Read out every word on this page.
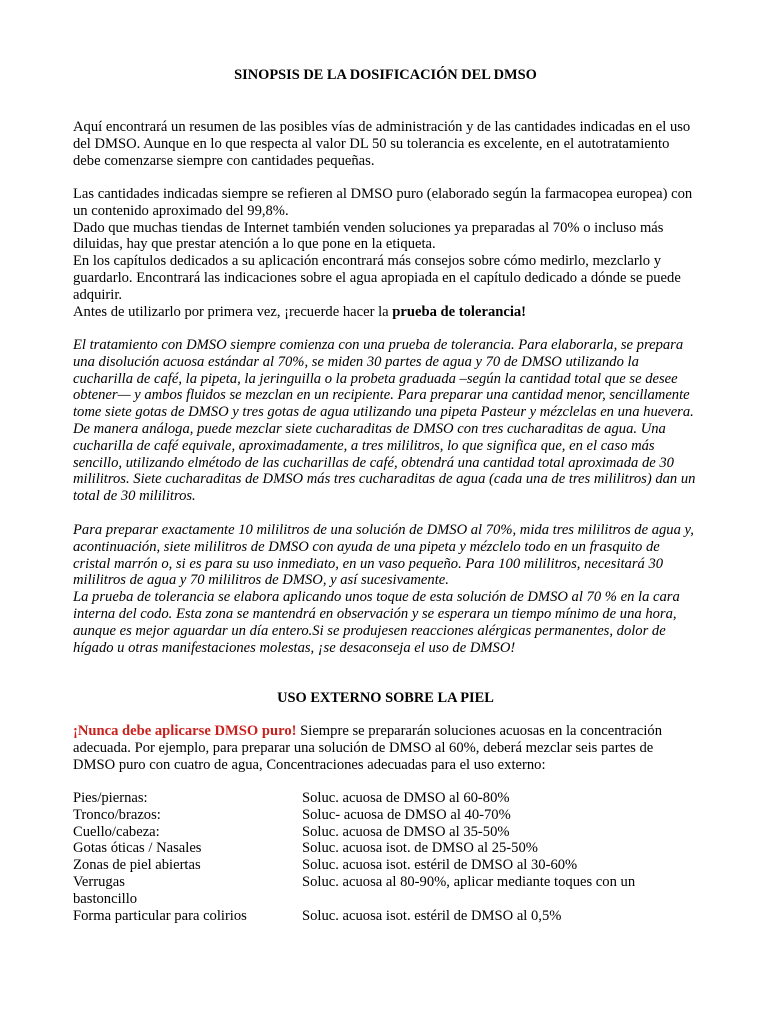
SINOPSIS DE LA DOSIFICACIÓN DEL DMSO

Aquí encontrará un resumen de las posibles vías de administración y de las cantidades indicadas en el uso del DMSO. Aunque en lo que respecta al valor DL 50 su tolerancia es excelente, en el autotratamiento debe comenzarse siempre con cantidades pequeñas.

Las cantidades indicadas siempre se refieren al DMSO puro (elaborado según la farmacopea europea) con un contenido aproximado del 99,8%.

Dado que muchas tiendas de Internet también venden soluciones ya preparadas al 70% o incluso más diluidas, hay que prestar atención a lo que pone en la etiqueta.

En los capítulos dedicados a su aplicación encontrará más consejos sobre cómo medirlo, mezclarlo y guardarlo. Encontrará las indicaciones sobre el agua apropiada en el capítulo dedicado a dónde se puede adquirir.

Antes de utilizarlo por primera vez, ¡recuerde hacer la prueba de tolerancia!

El tratamiento con DMSO siempre comienza con una prueba de tolerancia. Para elaborarla, se prepara una disolución acuosa estándar al 70%, se miden 30 partes de agua y 70 de DMSO utilizando la cucharilla de café, la pipeta, la jeringuilla o la probeta graduada –según la cantidad total que se desee obtener— y ambos fluidos se mezclan en un recipiente. Para preparar una cantidad menor, sencillamente tome siete gotas de DMSO y tres gotas de agua utilizando una pipeta Pasteur y mézclelas en una huevera. De manera análoga, puede mezclar siete cucharaditas de DMSO con tres cucharaditas de agua. Una cucharilla de café equivale, aproximadamente, a tres mililitros, lo que significa que, en el caso más sencillo, utilizando elmétodo de las cucharillas de café, obtendrá una cantidad total aproximada de 30 mililitros. Siete cucharaditas de DMSO más tres cucharaditas de agua (cada una de tres mililitros) dan un total de 30 mililitros.

Para preparar exactamente 10 mililitros de una solución de DMSO al 70%, mida tres mililitros de agua y, acontinuación, siete mililitros de DMSO con ayuda de una pipeta y mézclelo todo en un frasquito de cristal marrón o, si es para su uso inmediato, en un vaso pequeño. Para 100 mililitros, necesitará 30 mililitros de agua y 70 mililitros de DMSO, y así sucesivamente.

La prueba de tolerancia se elabora aplicando unos toque de esta solución de DMSO al 70 % en la cara interna del codo. Esta zona se mantendrá en observación y se esperara un tiempo mínimo de una hora, aunque es mejor aguardar un día entero.Si se produjesen reacciones alérgicas permanentes, dolor de hígado u otras manifestaciones molestas, ¡se desaconseja el uso de DMSO!

USO EXTERNO SOBRE LA PIEL

¡Nunca debe aplicarse DMSO puro! Siempre se prepararán soluciones acuosas en la concentración adecuada. Por ejemplo, para preparar una solución de DMSO al 60%, deberá mezclar seis partes de DMSO puro con cuatro de agua, Concentraciones adecuadas para el uso externo:

Pies/piernas:	Soluc. acuosa de DMSO al 60-80%
Tronco/brazos:	Soluc- acuosa de DMSO al 40-70%
Cuello/cabeza:	Soluc. acuosa de DMSO al 35-50%
Gotas óticas / Nasales	Soluc. acuosa isot. de DMSO al 25-50%
Zonas de piel abiertas	Soluc. acuosa isot. estéril de DMSO al 30-60%
Verrugas	Soluc. acuosa al 80-90%, aplicar mediante toques con un
bastoncillo	
Forma particular para colirios	Soluc. acuosa isot. estéril de DMSO al 0,5%
